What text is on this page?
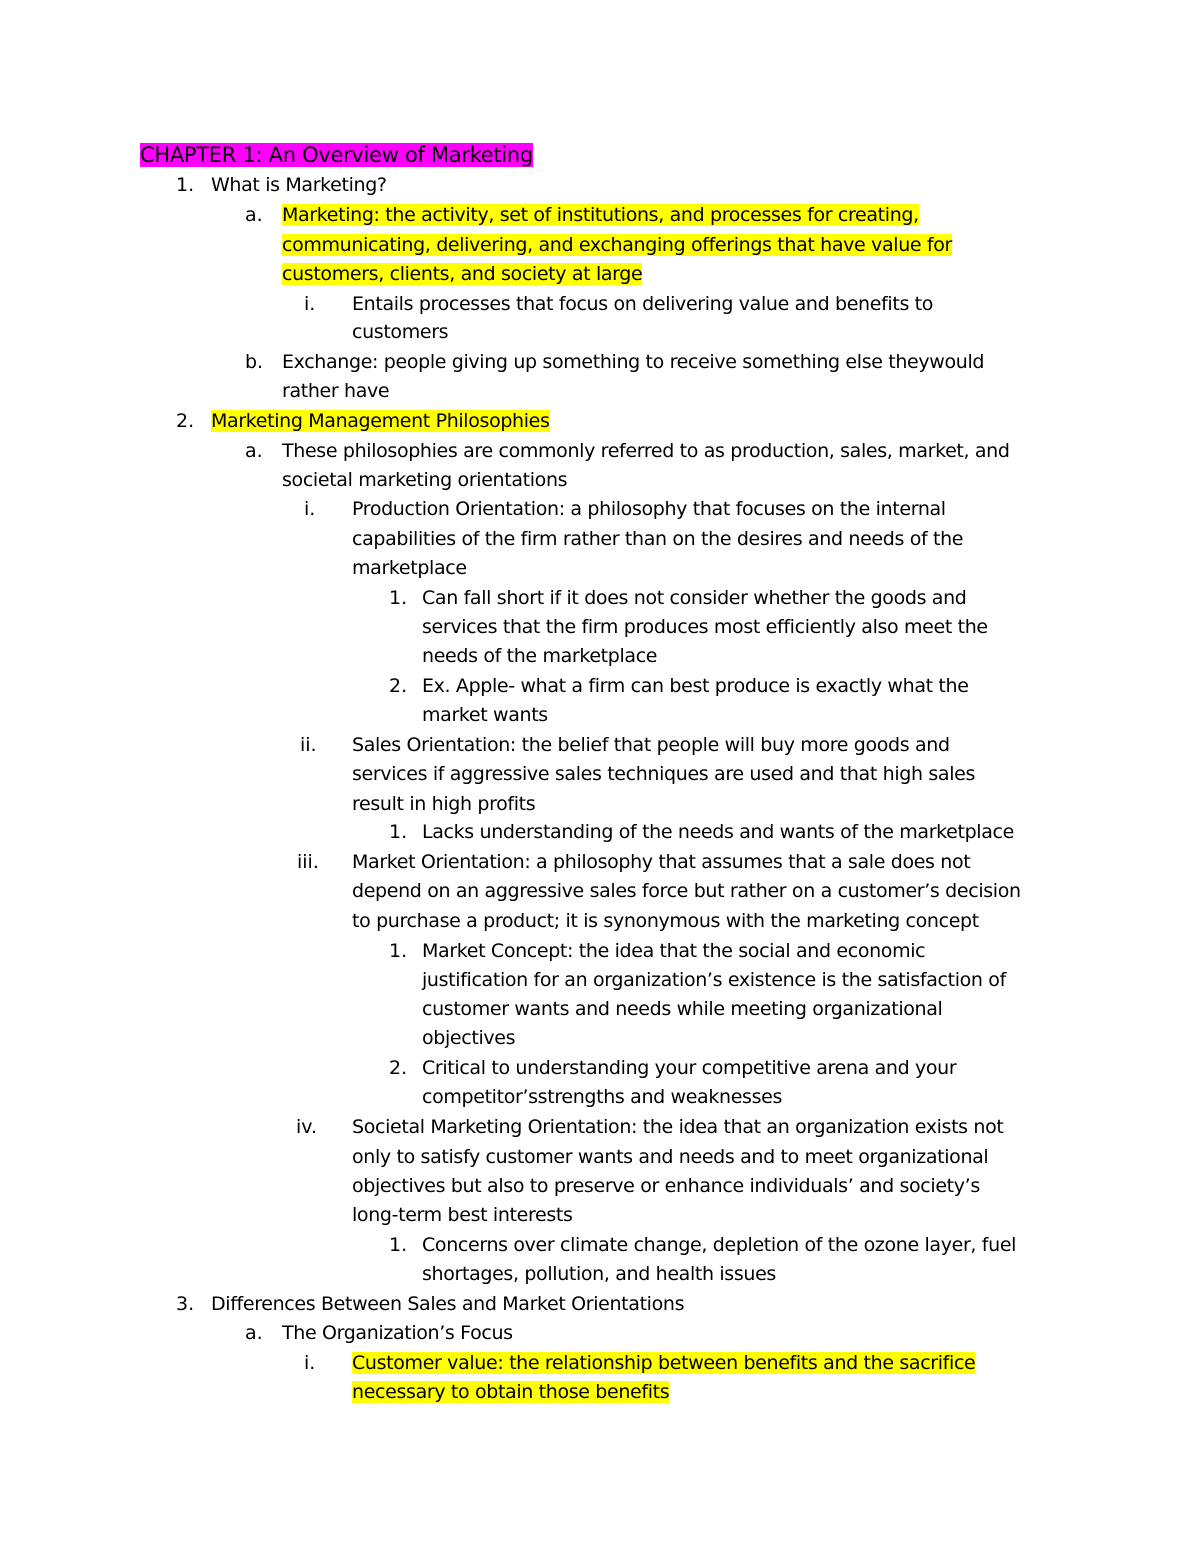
CHAPTER 1: An Overview of Marketing
1. What is Marketing?
a. Marketing: the activity, set of institutions, and processes for creating,
communicating, delivering, and exchanging offerings that have value for
customers, clients, and society at large
i. Entails processes that focus on delivering value and benefits to
customers
b. Exchange: people giving up something to receive something else theywould
rather have
2. Marketing Management Philosophies
a. These philosophies are commonly referred to as production, sales, market, and
societal marketing orientations
i. Production Orientation: a philosophy that focuses on the internal
capabilities of the firm rather than on the desires and needs of the
marketplace
1. Can fall short if it does not consider whether the goods and
services that the firm produces most efficiently also meet the
needs of the marketplace
2. Ex. Apple- what a firm can best produce is exactly what the
market wants
ii. Sales Orientation: the belief that people will buy more goods and
services if aggressive sales techniques are used and that high sales
result in high profits
1. Lacks understanding of the needs and wants of the marketplace
iii. Market Orientation: a philosophy that assumes that a sale does not
depend on an aggressive sales force but rather on a customer’s decision
to purchase a product; it is synonymous with the marketing concept
1. Market Concept: the idea that the social and economic
justification for an organization’s existence is the satisfaction of
customer wants and needs while meeting organizational
objectives
2. Critical to understanding your competitive arena and your
competitor’sstrengths and weaknesses
iv. Societal Marketing Orientation: the idea that an organization exists not
only to satisfy customer wants and needs and to meet organizational
objectives but also to preserve or enhance individuals’ and society’s
long-term best interests
1. Concerns over climate change, depletion of the ozone layer, fuel
shortages, pollution, and health issues
3. Differences Between Sales and Market Orientations
a. The Organization’s Focus
i. Customer value: the relationship between benefits and the sacrifice
necessary to obtain those benefits
